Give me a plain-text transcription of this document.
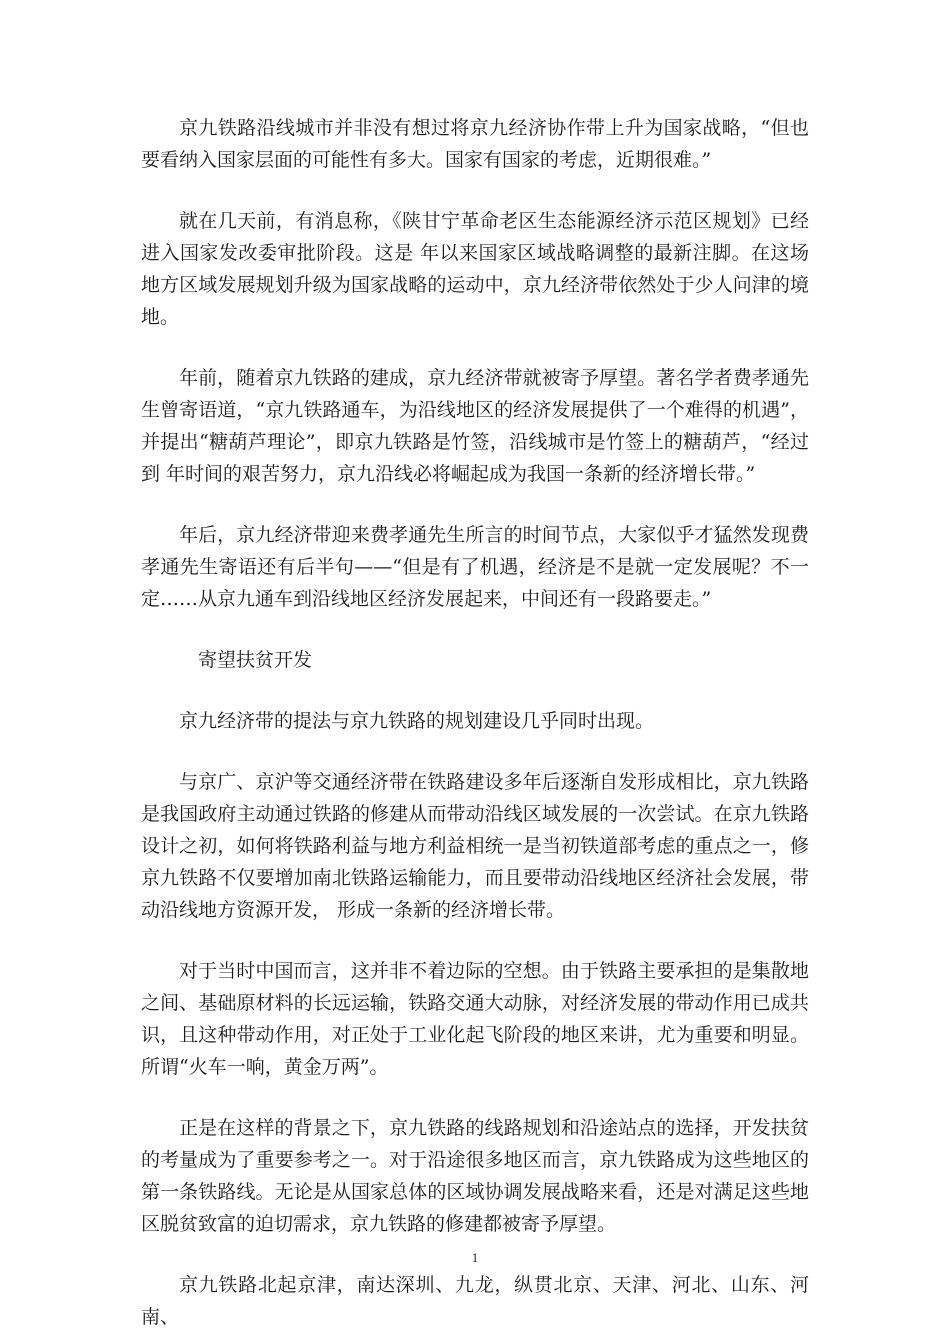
京九铁路沿线城市并非没有想过将京九经济协作带上升为国家战略，“但也要看纳入国家层面的可能性有多大。国家有国家的考虑，近期很难。”

就在几天前，有消息称，《陕甘宁革命老区生态能源经济示范区规划》已经进入国家发改委审批阶段。这是 年以来国家区域战略调整的最新注脚。在这场地方区域发展规划升级为国家战略的运动中，京九经济带依然处于少人问津的境地。

年前，随着京九铁路的建成，京九经济带就被寄予厚望。著名学者费孝通先生曾寄语道，“京九铁路通车，为沿线地区的经济发展提供了一个难得的机遇”，并提出“糖葫芦理论”，即京九铁路是竹签，沿线城市是竹签上的糖葫芦，“经过 到 年时间的艰苦努力，京九沿线必将崛起成为我国一条新的经济增长带。”

年后，京九经济带迎来费孝通先生所言的时间节点，大家似乎才猛然发现费孝通先生寄语还有后半句——“但是有了机遇，经济是不是就一定发展呢？不一定……从京九通车到沿线地区经济发展起来，中间还有一段路要走。”

寄望扶贫开发

京九经济带的提法与京九铁路的规划建设几乎同时出现。

与京广、京沪等交通经济带在铁路建设多年后逐渐自发形成相比，京九铁路是我国政府主动通过铁路的修建从而带动沿线区域发展的一次尝试。在京九铁路设计之初，如何将铁路利益与地方利益相统一是当初铁道部考虑的重点之一，修京九铁路不仅要增加南北铁路运输能力，而且要带动沿线地区经济社会发展，带动沿线地方资源开发， 形成一条新的经济增长带。

对于当时中国而言，这并非不着边际的空想。由于铁路主要承担的是集散地之间、基础原材料的长远运输，铁路交通大动脉，对经济发展的带动作用已成共识，且这种带动作用，对正处于工业化起飞阶段的地区来讲，尤为重要和明显。所谓“火车一响，黄金万两”。

正是在这样的背景之下，京九铁路的线路规划和沿途站点的选择，开发扶贫的考量成为了重要参考之一。对于沿途很多地区而言，京九铁路成为这些地区的第一条铁路线。无论是从国家总体的区域协调发展战略来看，还是对满足这些地区脱贫致富的迫切需求，京九铁路的修建都被寄予厚望。

京九铁路北起京津，南达深圳、九龙，纵贯北京、天津、河北、山东、河南、

1
